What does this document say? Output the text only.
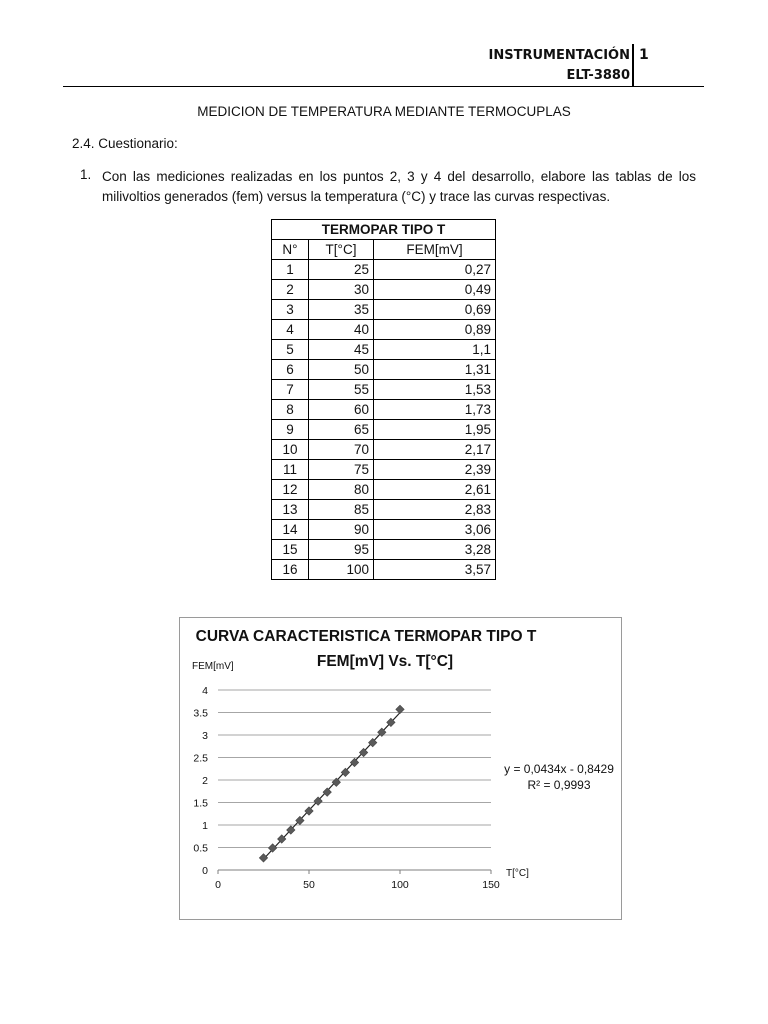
INSTRUMENTACIÓN
ELT-3880
1
MEDICION DE TEMPERATURA MEDIANTE TERMOCUPLAS
2.4. Cuestionario:
1. Con las mediciones realizadas en los puntos 2, 3 y 4 del desarrollo, elabore las tablas de los milivoltios generados (fem) versus la temperatura (°C) y trace las curvas respectivas.
TERMOPAR TIPO T		
N°	T[°C]	FEM[mV]
1	25	0,27
2	30	0,49
3	35	0,69
4	40	0,89
5	45	1,1
6	50	1,31
7	55	1,53
8	60	1,73
9	65	1,95
10	70	2,17
11	75	2,39
12	80	2,61
13	85	2,83
14	90	3,06
15	95	3,28
16	100	3,57
CURVA CARACTERISTICA TERMOPAR TIPO T
FEM[mV] Vs. T[°C]
FEM[mV]
0
0.5
1
1.5
2
2.5
3
3.5
4
0	50	100	150
T[°C]
y = 0,0434x - 0,8429
R² = 0,9993
